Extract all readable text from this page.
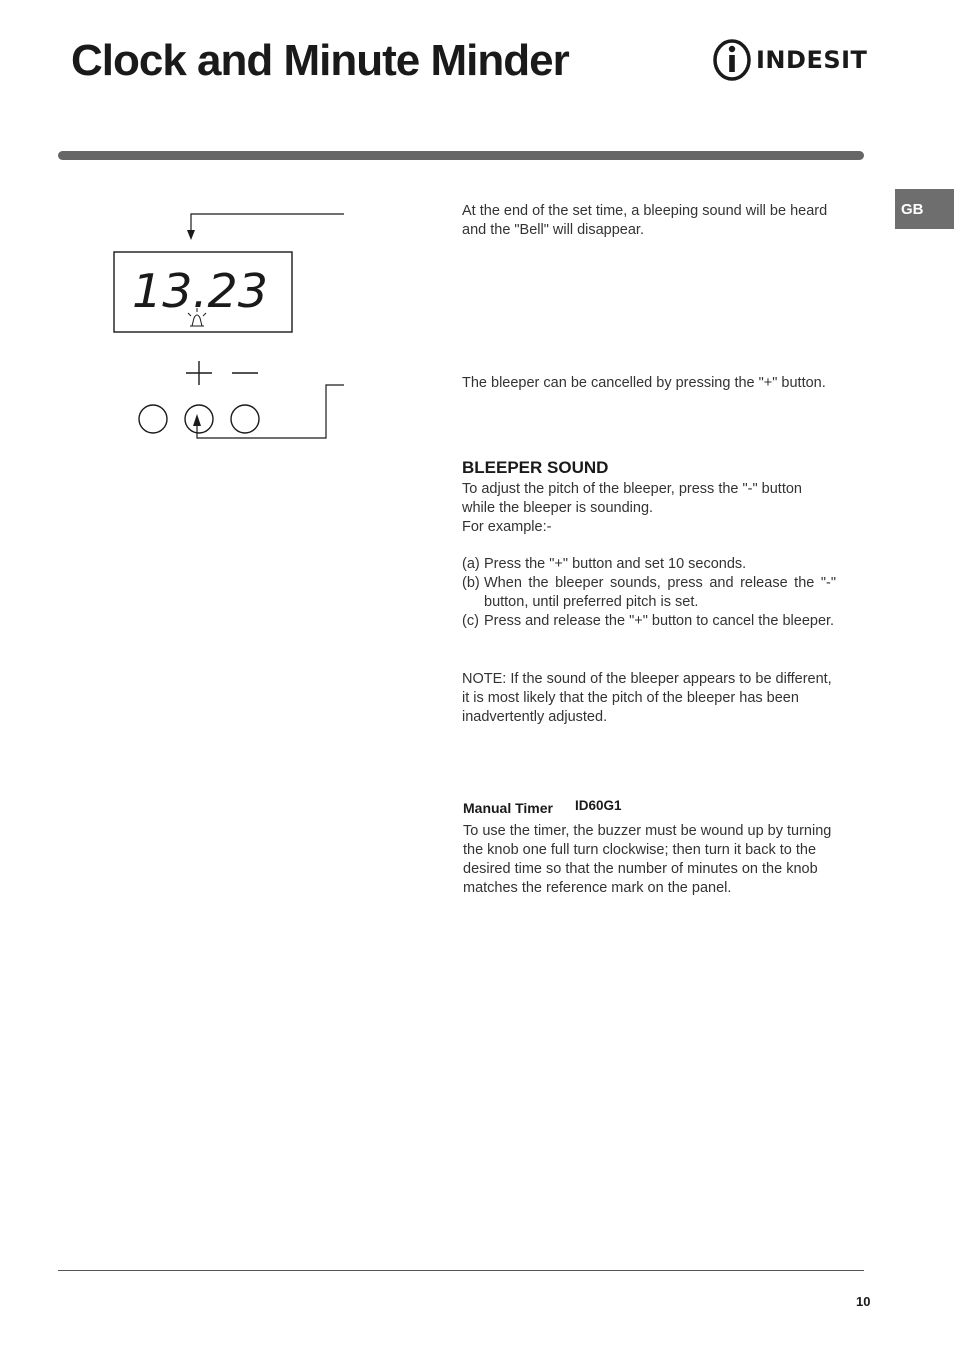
Clock and Minute Minder	INDESIT
GB
13.23
At the end of the set time, a bleeping sound will be heard and the "Bell" will disappear.
The bleeper can be cancelled by pressing the "+" button.
BLEEPER SOUND

To adjust the pitch of the bleeper, press the "-" button while the bleeper is sounding.

For example:-

(a) Press the "+" button and set 10 seconds.
(b) When the bleeper sounds, press and release the "-" button, until preferred pitch is set.
(c) Press and release the "+" button to cancel the bleeper.
NOTE: If the sound of the bleeper appears to be different, it is most likely that the pitch of the bleeper has been inadvertently adjusted.
Manual Timer ID60G1
To use the timer, the buzzer must be wound up by turning the knob one full turn clockwise; then turn it back to the desired time so that the number of minutes on the knob matches the reference mark on the panel.
10
